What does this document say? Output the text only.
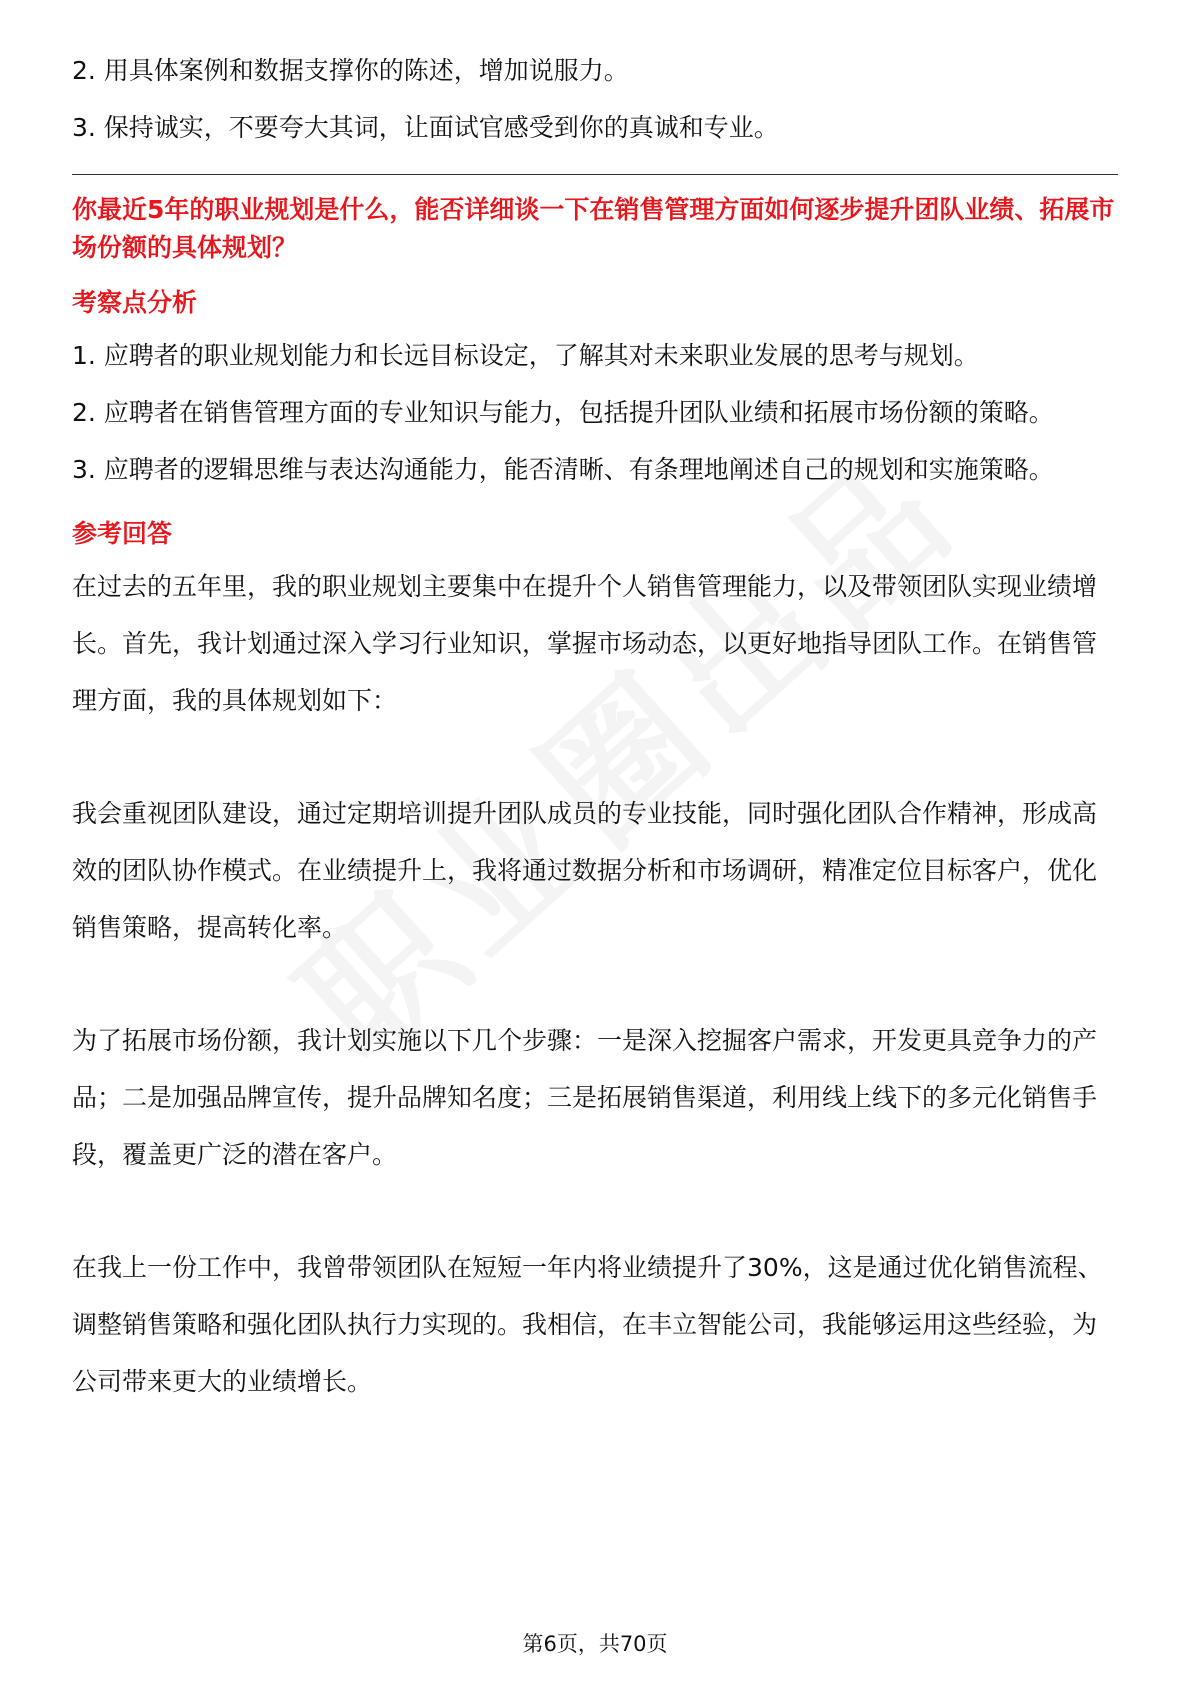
2. 用具体案例和数据支撑你的陈述，增加说服力。

3. 保持诚实，不要夸大其词，让面试官感受到你的真诚和专业。

你最近5年的职业规划是什么，能否详细谈一下在销售管理方面如何逐步提升团队业绩、拓展市场份额的具体规划？
考察点分析

1. 应聘者的职业规划能力和长远目标设定，了解其对未来职业发展的思考与规划。

2. 应聘者在销售管理方面的专业知识与能力，包括提升团队业绩和拓展市场份额的策略。

3. 应聘者的逻辑思维与表达沟通能力，能否清晰、有条理地阐述自己的规划和实施策略。

参考回答

在过去的五年里，我的职业规划主要集中在提升个人销售管理能力，以及带领团队实现业绩增长。首先，我计划通过深入学习行业知识，掌握市场动态，以更好地指导团队工作。在销售管理方面，我的具体规划如下：

我会重视团队建设，通过定期培训提升团队成员的专业技能，同时强化团队合作精神，形成高效的团队协作模式。在业绩提升上，我将通过数据分析和市场调研，精准定位目标客户，优化销售策略，提高转化率。

为了拓展市场份额，我计划实施以下几个步骤：一是深入挖掘客户需求，开发更具竞争力的产品；二是加强品牌宣传，提升品牌知名度；三是拓展销售渠道，利用线上线下的多元化销售手段，覆盖更广泛的潜在客户。

在我上一份工作中，我曾带领团队在短短一年内将业绩提升了30%，这是通过优化销售流程、调整销售策略和强化团队执行力实现的。我相信，在丰立智能公司，我能够运用这些经验，为公司带来更大的业绩增长。

第6页，共70页
